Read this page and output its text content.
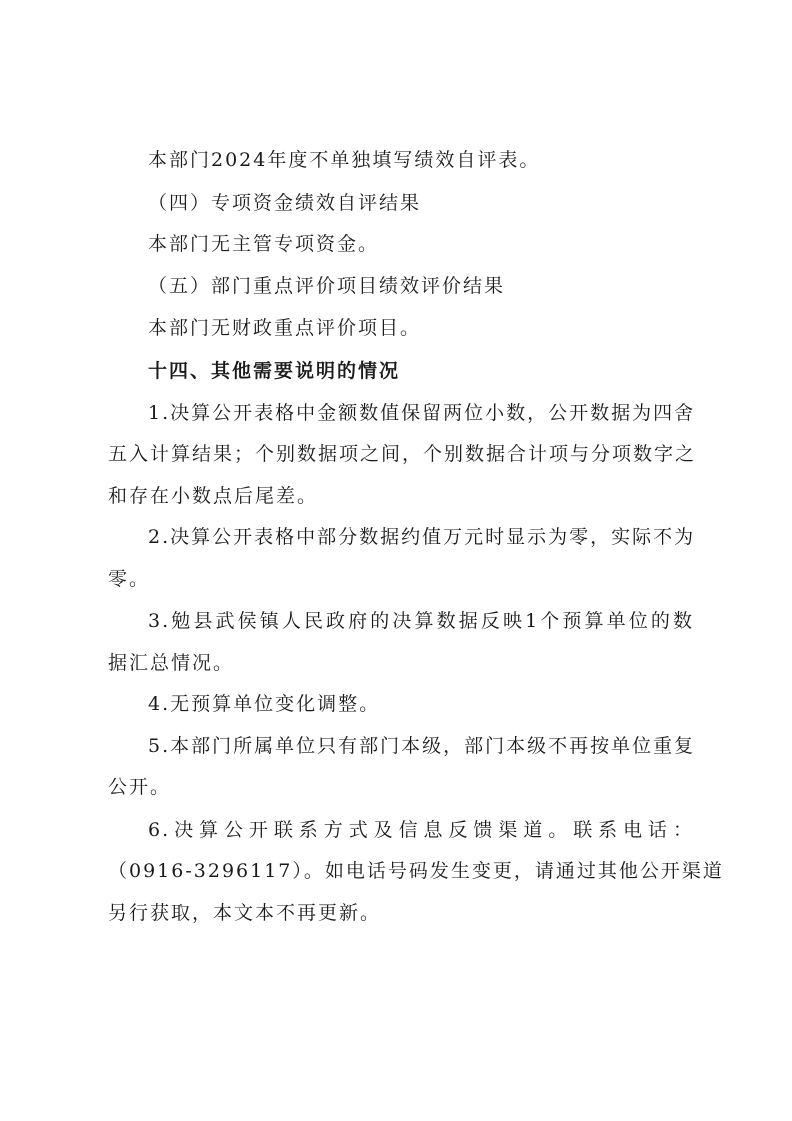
本部门2024年度不单独填写绩效自评表。
（四）专项资金绩效自评结果
本部门无主管专项资金。
（五）部门重点评价项目绩效评价结果
本部门无财政重点评价项目。
十四、其他需要说明的情况
1.决算公开表格中金额数值保留两位小数，公开数据为四舍
五入计算结果；个别数据项之间，个别数据合计项与分项数字之
和存在小数点后尾差。
2.决算公开表格中部分数据约值万元时显示为零，实际不为
零。
3.勉县武侯镇人民政府的决算数据反映1个预算单位的数
据汇总情况。
4.无预算单位变化调整。
5.本部门所属单位只有部门本级，部门本级不再按单位重复
公开。
6.决算公开联系方式及信息反馈渠道。联系电话：
（0916-3296117）。如电话号码发生变更，请通过其他公开渠道
另行获取，本文本不再更新。
